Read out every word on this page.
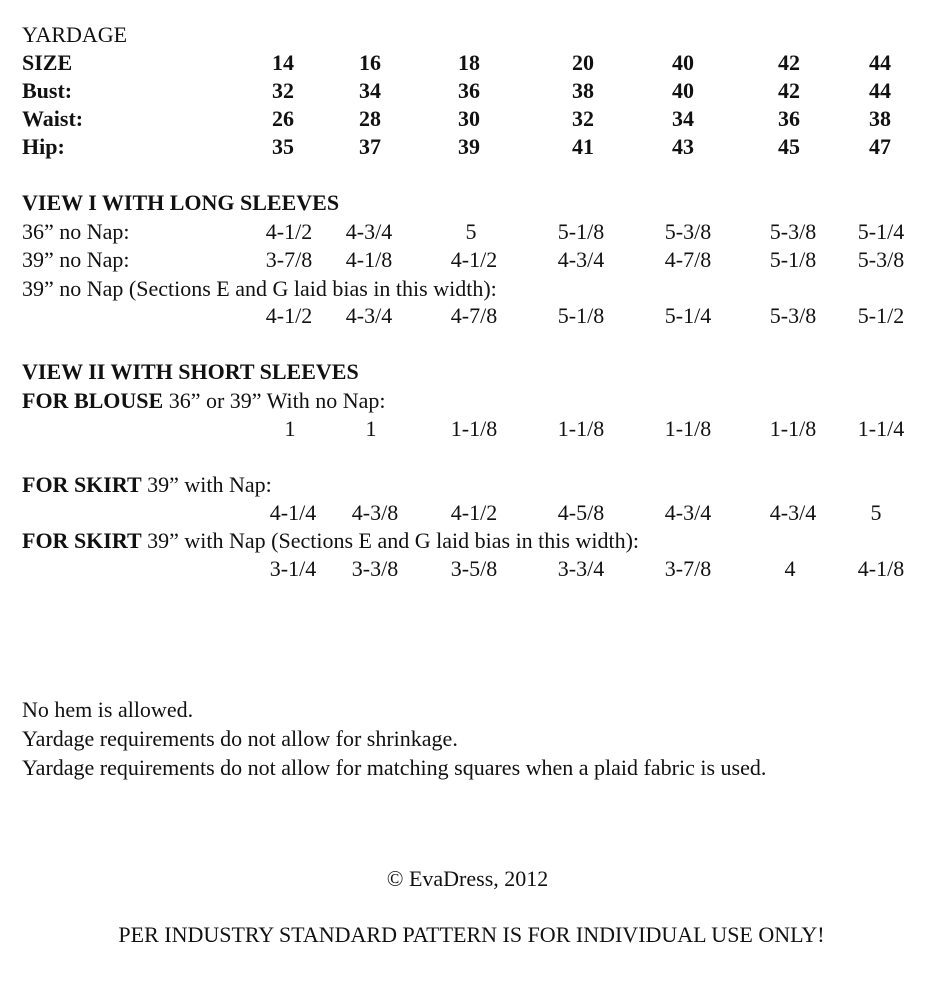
YARDAGE
SIZE	14	16	18	20	40	42	44
Bust:	32	34	36	38	40	42	44
Waist:	26	28	30	32	34	36	38
Hip:	35	37	39	41	43	45	47
VIEW I WITH LONG SLEEVES
36” no Nap:	4-1/2	4-3/4	5	5-1/8	5-3/8	5-3/8	5-1/4
39” no Nap:	3-7/8	4-1/8	4-1/2	4-3/4	4-7/8	5-1/8	5-3/8
39” no Nap (Sections E and G laid bias in this width):
4-1/2	4-3/4	4-7/8	5-1/8	5-1/4	5-3/8	5-1/2
VIEW II WITH SHORT SLEEVES
FOR BLOUSE 36” or 39” With no Nap:
1	1	1-1/8	1-1/8	1-1/8	1-1/8	1-1/4
FOR SKIRT 39” with Nap:
4-1/4	4-3/8	4-1/2	4-5/8	4-3/4	4-3/4	5
FOR SKIRT 39” with Nap (Sections E and G laid bias in this width):
3-1/4	3-3/8	3-5/8	3-3/4	3-7/8	4	4-1/8
No hem is allowed.
Yardage requirements do not allow for shrinkage.
Yardage requirements do not allow for matching squares when a plaid fabric is used.
© EvaDress, 2012
PER INDUSTRY STANDARD PATTERN IS FOR INDIVIDUAL USE ONLY!
